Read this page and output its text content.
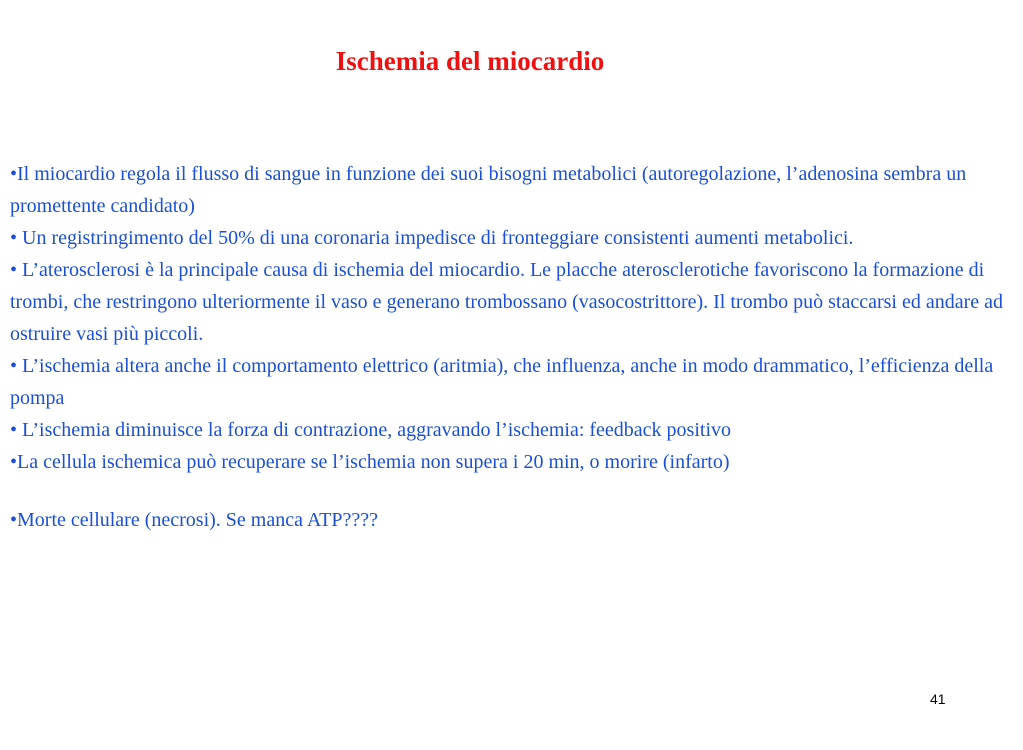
Ischemia del miocardio

•Il miocardio regola il flusso di sangue in funzione dei suoi bisogni metabolici (autoregolazione, l’adenosina sembra un promettente candidato)

• Un registringimento del 50% di una coronaria impedisce di fronteggiare consistenti aumenti metabolici.

• L’aterosclerosi è la principale causa di ischemia del miocardio. Le placche aterosclerotiche favoriscono la formazione di trombi, che restringono ulteriormente il vaso e generano trombossano (vasocostrittore). Il trombo può staccarsi ed andare ad ostruire vasi più piccoli.

• L’ischemia altera anche il comportamento elettrico (aritmia), che influenza, anche in modo drammatico, l’efficienza della pompa

• L’ischemia diminuisce la forza di contrazione, aggravando l’ischemia: feedback positivo

•La cellula ischemica può recuperare se l’ischemia non supera i 20 min, o morire (infarto)

•Morte cellulare (necrosi). Se manca ATP????

41
